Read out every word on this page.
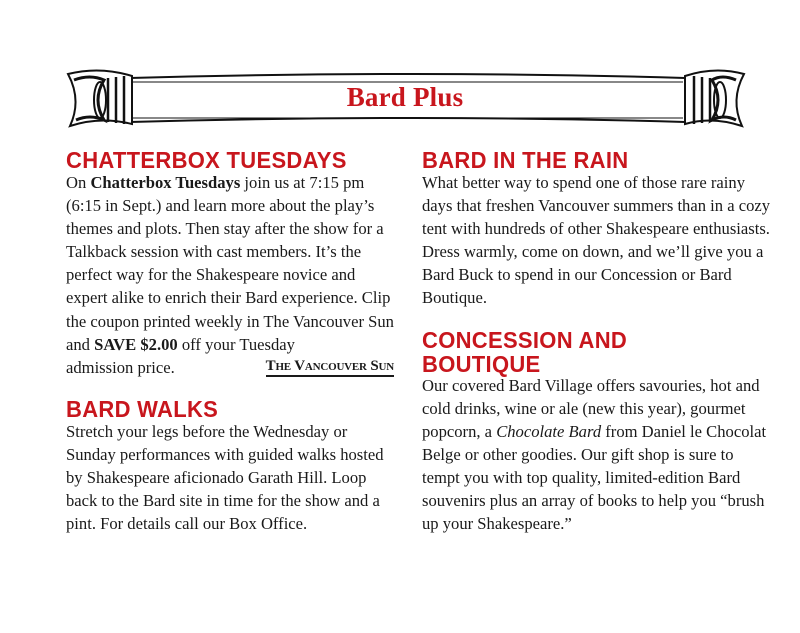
Bard Plus
CHATTERBOX TUESDAYS

On Chatterbox Tuesdays join us at 7:15 pm (6:15 in Sept.) and learn more about the play’s themes and plots. Then stay after the show for a Talkback session with cast members. It’s the perfect way for the Shakespeare novice and expert alike to enrich their Bard experience. Clip the coupon printed weekly in The Vancouver Sun and SAVE $2.00 off your Tuesday

admission price.	The Vancouver Sun

BARD WALKS

Stretch your legs before the Wednesday or Sunday performances with guided walks hosted by Shakespeare aficionado Garath Hill. Loop back to the Bard site in time for the show and a pint. For details call our Box Office.

BARD IN THE RAIN

What better way to spend one of those rare rainy days that freshen Vancouver summers than in a cozy tent with hundreds of other Shakespeare enthusiasts. Dress warmly, come on down, and we’ll give you a Bard Buck to spend in our Concession or Bard Boutique.

CONCESSION AND
BOUTIQUE

Our covered Bard Village offers savouries, hot and cold drinks, wine or ale (new this year), gourmet popcorn, a Chocolate Bard from Daniel le Chocolat Belge or other goodies. Our gift shop is sure to tempt you with top quality, limited-edition Bard souvenirs plus an array of books to help you “brush up your Shakespeare.”
